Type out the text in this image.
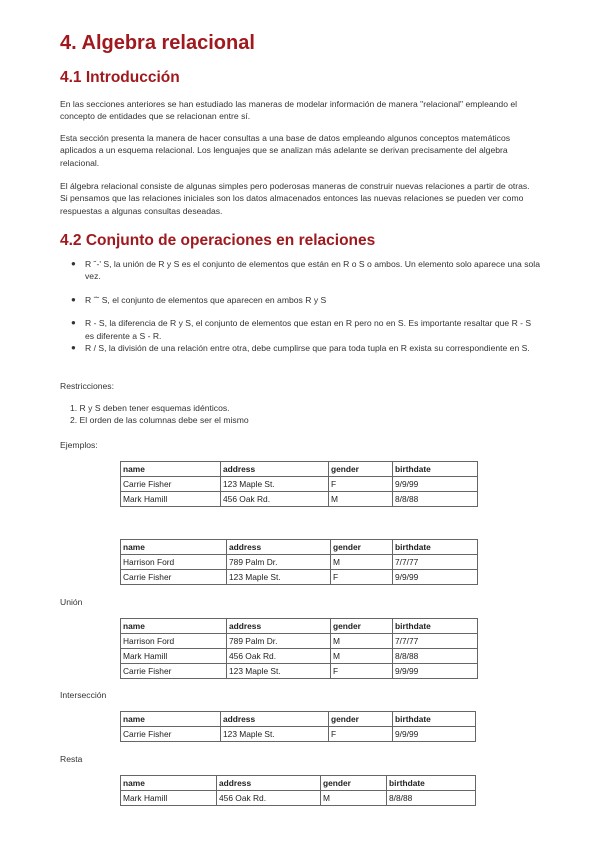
4. Algebra relacional
4.1 Introducción

En las secciones anteriores se han estudiado las maneras de modelar información de manera "relacional" empleando el concepto de entidades que se relacionan entre sí.

Esta sección presenta la manera de hacer consultas a una base de datos empleando algunos conceptos matemáticos aplicados a un esquema relacional. Los lenguajes que se analizan más adelante se derivan precisamente del algebra relacional.

El álgebra relacional consiste de algunas simples pero poderosas maneras de construir nuevas relaciones a partir de otras. Si pensamos que las relaciones iniciales son los datos almacenados entonces las nuevas relaciones se pueden ver como respuestas a algunas consultas deseadas.

4.2 Conjunto de operaciones en relaciones
● R ˘-' S, la unión de R y S es el conjunto de elementos que están en R o S o ambos. Un elemento solo aparece una sola vez.
● R ˝˘ S, el conjunto de elementos que aparecen en ambos R y S
● R - S, la diferencia de R y S, el conjunto de elementos que estan en R pero no en S. Es importante resaltar que R - S es diferente a S - R.
● R / S, la división de una relación entre otra, debe cumplirse que para toda tupla en R exista su correspondiente en S.

Restricciones:

1. R y S deben tener esquemas idénticos.
2. El orden de las columnas debe ser el mismo

Ejemplos:

name	address	gender	birthdate
Carrie Fisher	123 Maple St.	F	9/9/99
Mark Hamill	456 Oak Rd.	M	8/8/88
name	address	gender	birthdate
Harrison Ford	789 Palm Dr.	M	7/7/77
Carrie Fisher	123 Maple St.	F	9/9/99

Unión

name	address	gender	birthdate
Harrison Ford	789 Palm Dr.	M	7/7/77
Mark Hamill	456 Oak Rd.	M	8/8/88
Carrie Fisher	123 Maple St.	F	9/9/99

Intersección

name	address	gender	birthdate
Carrie Fisher	123 Maple St.	F	9/9/99

Resta

name	address	gender	birthdate
Mark Hamill	456 Oak Rd.	M	8/8/88
